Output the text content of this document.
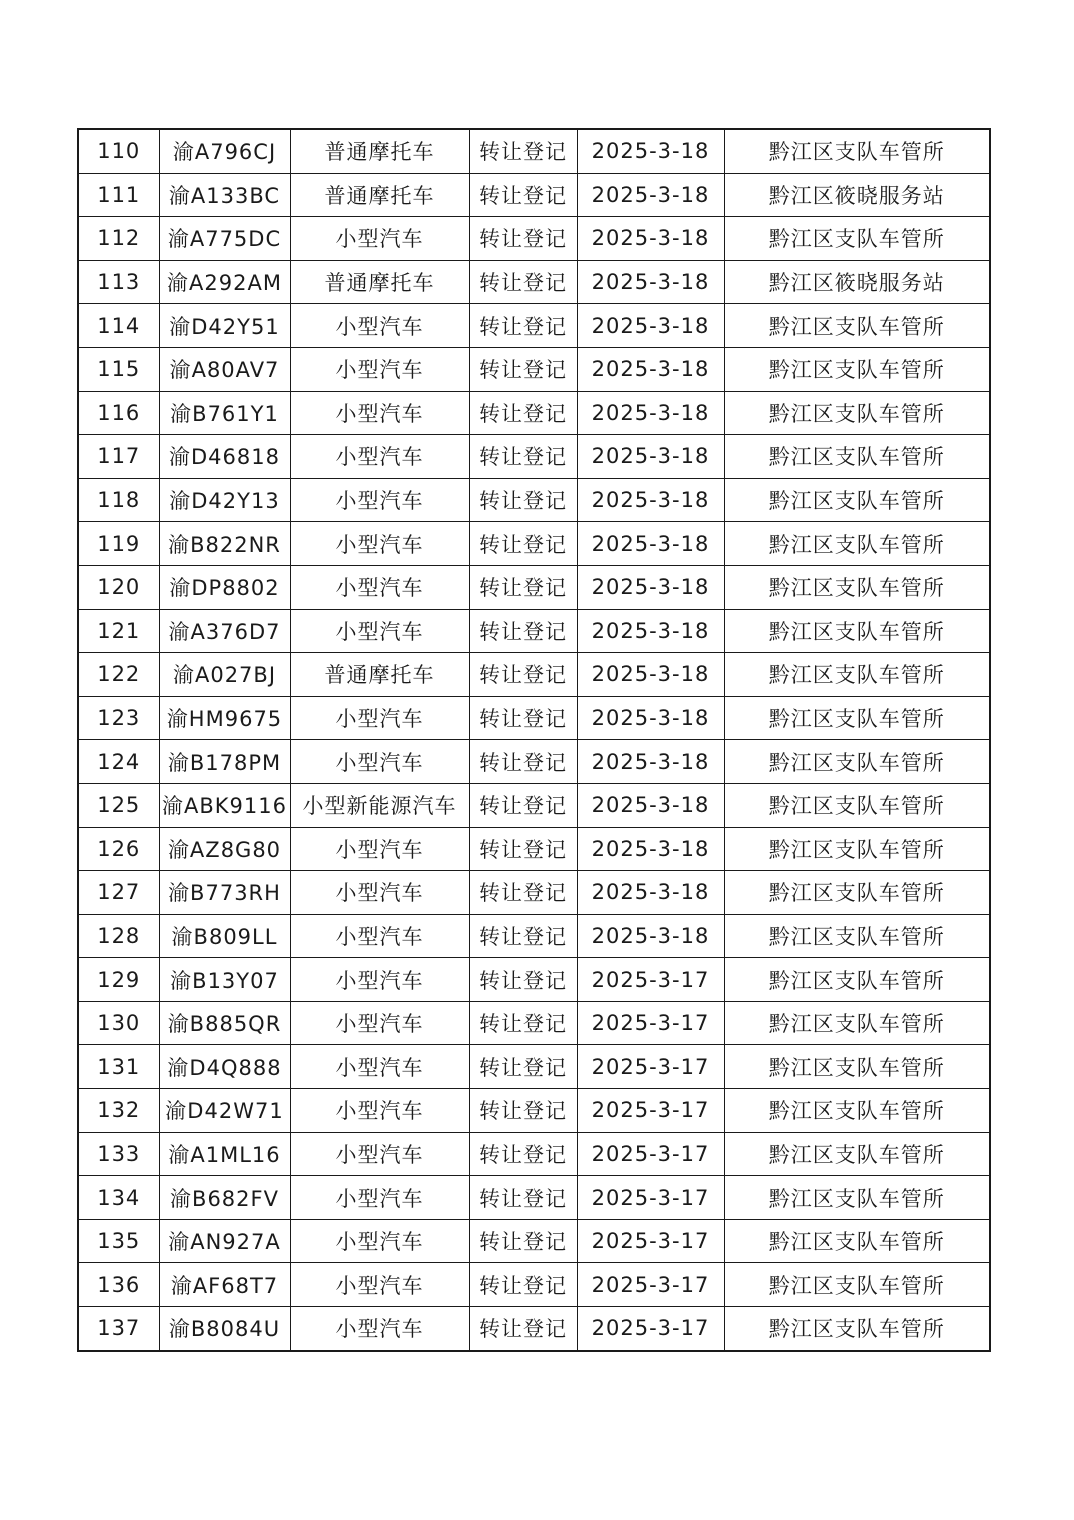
110	渝A796CJ	普通摩托车	转让登记	2025-3-18	黔江区支队车管所
111	渝A133BC	普通摩托车	转让登记	2025-3-18	黔江区筱晓服务站
112	渝A775DC	小型汽车	转让登记	2025-3-18	黔江区支队车管所
113	渝A292AM	普通摩托车	转让登记	2025-3-18	黔江区筱晓服务站
114	渝D42Y51	小型汽车	转让登记	2025-3-18	黔江区支队车管所
115	渝A80AV7	小型汽车	转让登记	2025-3-18	黔江区支队车管所
116	渝B761Y1	小型汽车	转让登记	2025-3-18	黔江区支队车管所
117	渝D46818	小型汽车	转让登记	2025-3-18	黔江区支队车管所
118	渝D42Y13	小型汽车	转让登记	2025-3-18	黔江区支队车管所
119	渝B822NR	小型汽车	转让登记	2025-3-18	黔江区支队车管所
120	渝DP8802	小型汽车	转让登记	2025-3-18	黔江区支队车管所
121	渝A376D7	小型汽车	转让登记	2025-3-18	黔江区支队车管所
122	渝A027BJ	普通摩托车	转让登记	2025-3-18	黔江区支队车管所
123	渝HM9675	小型汽车	转让登记	2025-3-18	黔江区支队车管所
124	渝B178PM	小型汽车	转让登记	2025-3-18	黔江区支队车管所
125	渝ABK9116	小型新能源汽车	转让登记	2025-3-18	黔江区支队车管所
126	渝AZ8G80	小型汽车	转让登记	2025-3-18	黔江区支队车管所
127	渝B773RH	小型汽车	转让登记	2025-3-18	黔江区支队车管所
128	渝B809LL	小型汽车	转让登记	2025-3-18	黔江区支队车管所
129	渝B13Y07	小型汽车	转让登记	2025-3-17	黔江区支队车管所
130	渝B885QR	小型汽车	转让登记	2025-3-17	黔江区支队车管所
131	渝D4Q888	小型汽车	转让登记	2025-3-17	黔江区支队车管所
132	渝D42W71	小型汽车	转让登记	2025-3-17	黔江区支队车管所
133	渝A1ML16	小型汽车	转让登记	2025-3-17	黔江区支队车管所
134	渝B682FV	小型汽车	转让登记	2025-3-17	黔江区支队车管所
135	渝AN927A	小型汽车	转让登记	2025-3-17	黔江区支队车管所
136	渝AF68T7	小型汽车	转让登记	2025-3-17	黔江区支队车管所
137	渝B8084U	小型汽车	转让登记	2025-3-17	黔江区支队车管所
